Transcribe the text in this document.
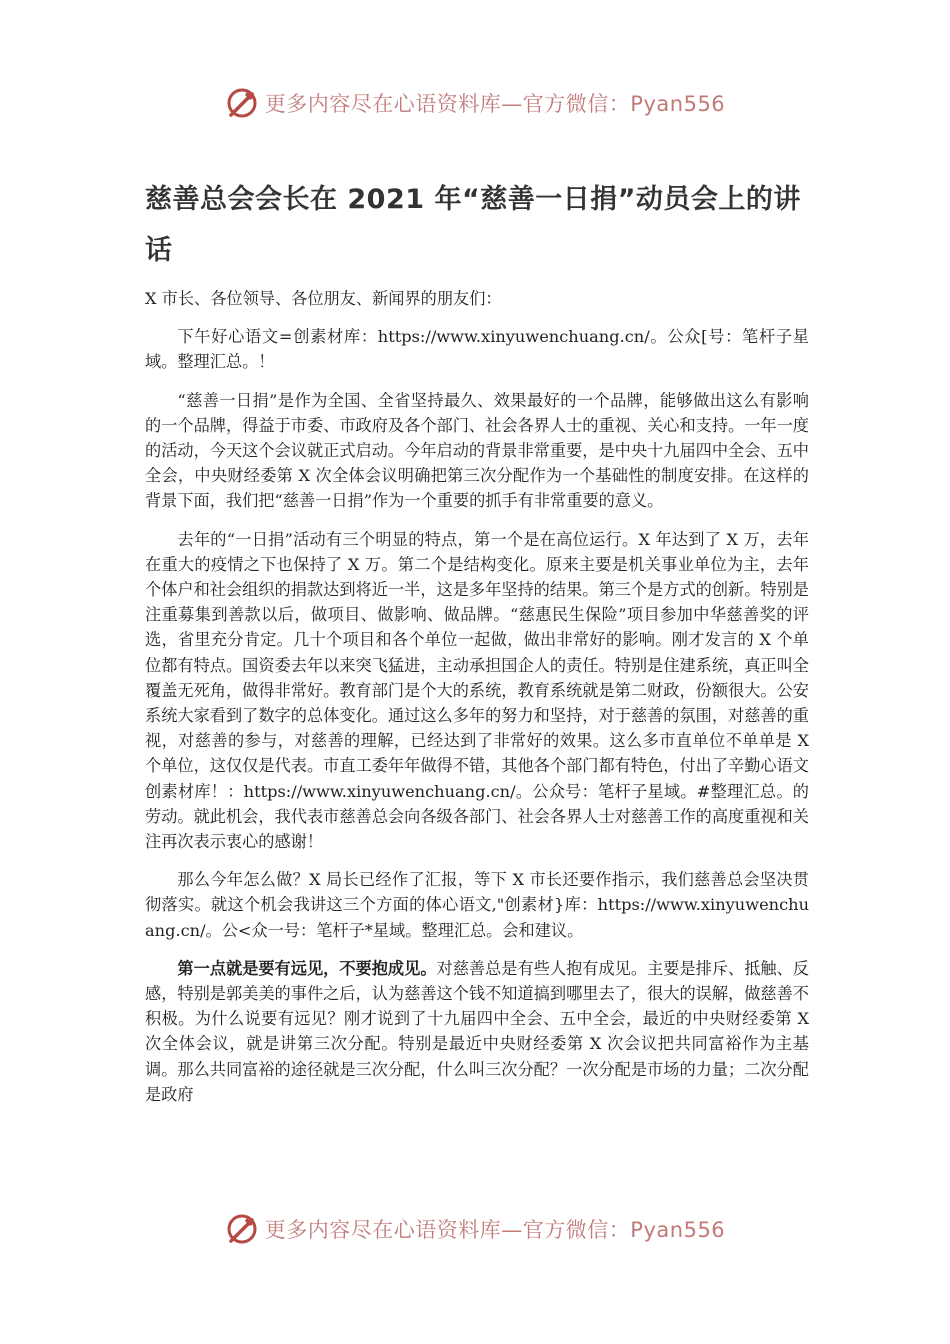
更多内容尽在心语资料库—官方微信：Pyan556
慈善总会会长在 2021 年“慈善一日捐”动员会上的讲话

X 市长、各位领导、各位朋友、新闻界的朋友们：

下午好心语文=创素材库：https://www.xinyuwenchuang.cn/。公众[号：笔杆子星域。整理汇总。！

“慈善一日捐”是作为全国、全省坚持最久、效果最好的一个品牌，能够做出这么有影响的一个品牌，得益于市委、市政府及各个部门、社会各界人士的重视、关心和支持。一年一度的活动，今天这个会议就正式启动。今年启动的背景非常重要，是中央十九届四中全会、五中全会，中央财经委第 X 次全体会议明确把第三次分配作为一个基础性的制度安排。在这样的背景下面，我们把“慈善一日捐”作为一个重要的抓手有非常重要的意义。

去年的“一日捐”活动有三个明显的特点，第一个是在高位运行。X 年达到了 X 万，去年在重大的疫情之下也保持了 X 万。第二个是结构变化。原来主要是机关事业单位为主，去年个体户和社会组织的捐款达到将近一半，这是多年坚持的结果。第三个是方式的创新。特别是注重募集到善款以后，做项目、做影响、做品牌。“慈惠民生保险”项目参加中华慈善奖的评选，省里充分肯定。几十个项目和各个单位一起做，做出非常好的影响。刚才发言的 X 个单位都有特点。国资委去年以来突飞猛进，主动承担国企人的责任。特别是住建系统，真正叫全覆盖无死角，做得非常好。教育部门是个大的系统，教育系统就是第二财政，份额很大。公安系统大家看到了数字的总体变化。通过这么多年的努力和坚持，对于慈善的氛围，对慈善的重视，对慈善的参与，对慈善的理解，已经达到了非常好的效果。这么多市直单位不单单是 X 个单位，这仅仅是代表。市直工委年年做得不错，其他各个部门都有特色，付出了辛勤心语文创素材库！：https://www.xinyuwenchuang.cn/。公众号：笔杆子星域。#整理汇总。的劳动。就此机会，我代表市慈善总会向各级各部门、社会各界人士对慈善工作的高度重视和关注再次表示衷心的感谢！

那么今年怎么做？X 局长已经作了汇报，等下 X 市长还要作指示，我们慈善总会坚决贯彻落实。就这个机会我讲这三个方面的体心语文,"创素材}库：https://www.xinyuwenchuang.cn/。公<众一号：笔杆子*星域。整理汇总。会和建议。

第一点就是要有远见，不要抱成见。对慈善总是有些人抱有成见。主要是排斥、抵触、反感，特别是郭美美的事件之后，认为慈善这个钱不知道搞到哪里去了，很大的误解，做慈善不积极。为什么说要有远见？刚才说到了十九届四中全会、五中全会，最近的中央财经委第 X 次全体会议，就是讲第三次分配。特别是最近中央财经委第 X 次会议把共同富裕作为主基调。那么共同富裕的途径就是三次分配，什么叫三次分配？一次分配是市场的力量；二次分配是政府

更多内容尽在心语资料库—官方微信：Pyan556
